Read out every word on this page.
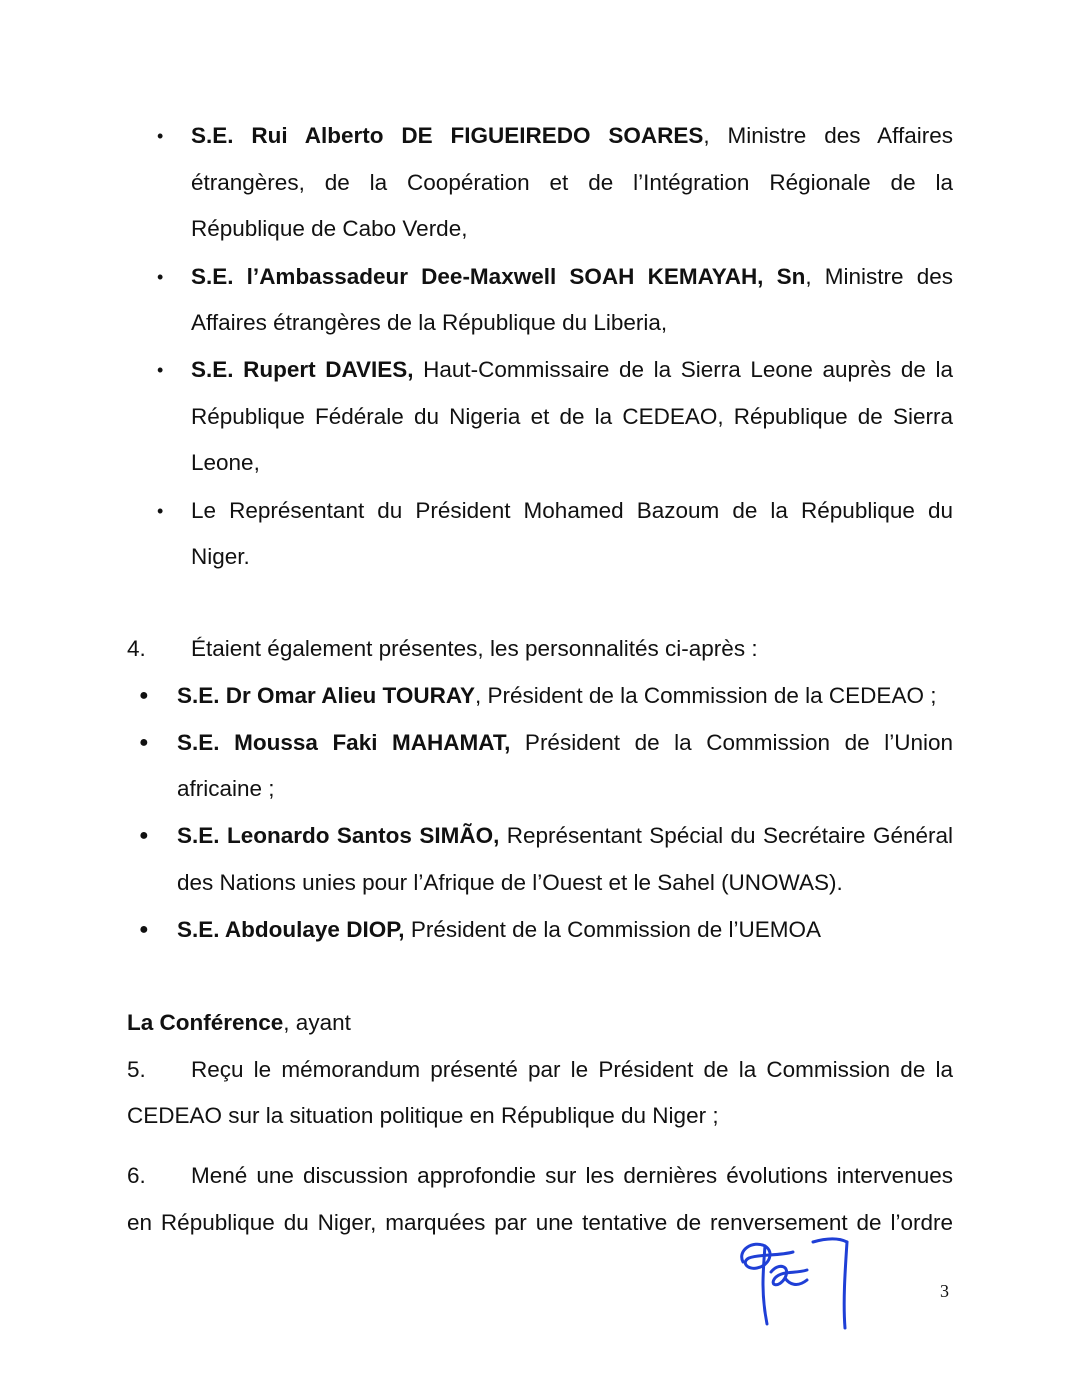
• S.E. Rui Alberto DE FIGUEIREDO SOARES, Ministre des Affaires
étrangères, de la Coopération et de l’Intégration Régionale de la
République de Cabo Verde,
• S.E. l’Ambassadeur Dee-Maxwell SOAH KEMAYAH, Sn, Ministre des
Affaires étrangères de la République du Liberia,
• S.E. Rupert DAVIES, Haut-Commissaire de la Sierra Leone auprès de la
République Fédérale du Nigeria et de la CEDEAO, République de Sierra
Leone,
• Le Représentant du Président Mohamed Bazoum de la République du
Niger.
4. Étaient également présentes, les personnalités ci-après :
● S.E. Dr Omar Alieu TOURAY, Président de la Commission de la CEDEAO ;
● S.E. Moussa Faki MAHAMAT, Président de la Commission de l’Union
africaine ;
● S.E. Leonardo Santos SIMÃO, Représentant Spécial du Secrétaire Général
des Nations unies pour l’Afrique de l’Ouest et le Sahel (UNOWAS).
● S.E. Abdoulaye DIOP, Président de la Commission de l’UEMOA
La Conférence, ayant
5. Reçu le mémorandum présenté par le Président de la Commission de la
CEDEAO sur la situation politique en République du Niger ;
6. Mené une discussion approfondie sur les dernières évolutions intervenues
en République du Niger, marquées par une tentative de renversement de l’ordre
3
